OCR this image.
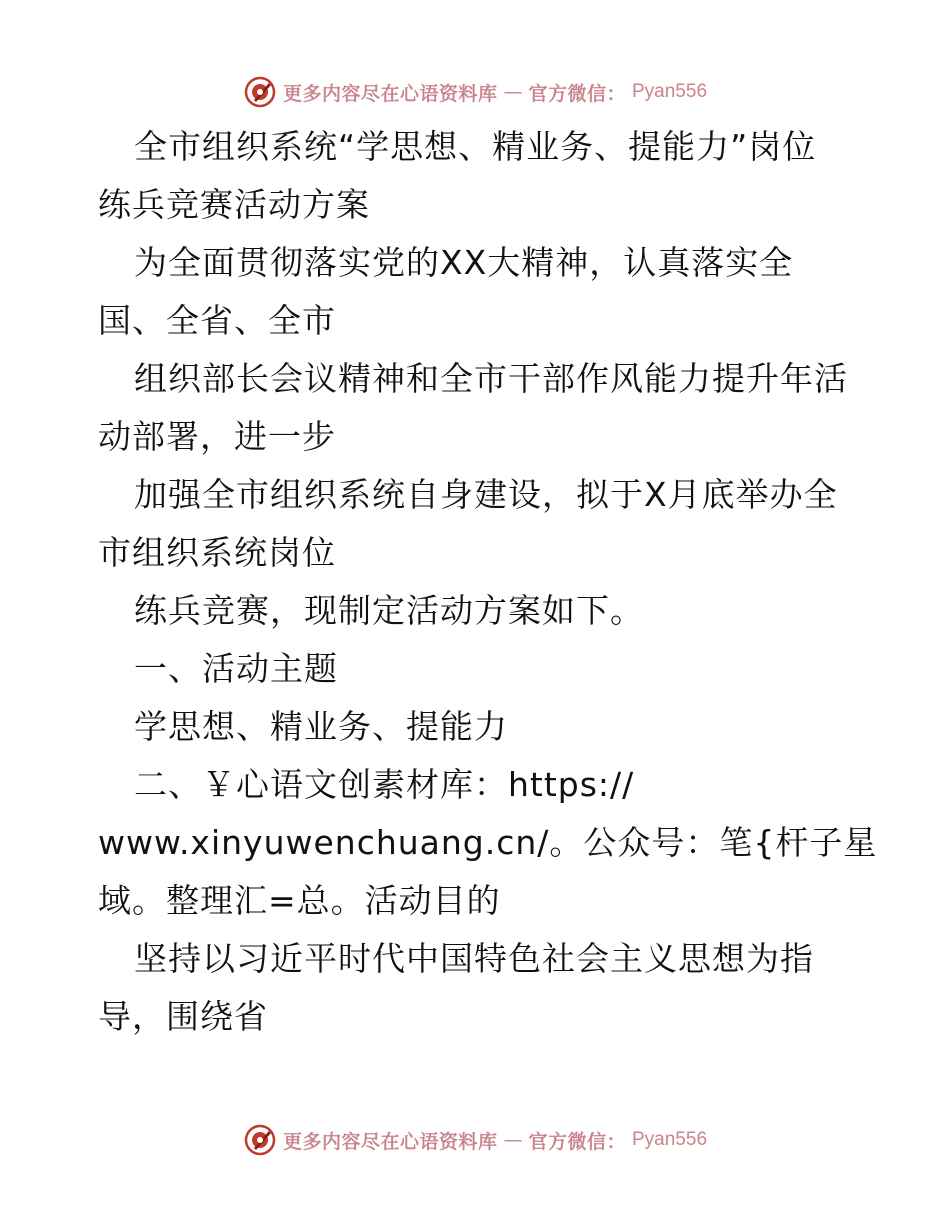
更多内容尽在心语资料库 — 官方微信： Pyan556
全市组织系统“学思想、精业务、提能力”岗位
练兵竞赛活动方案
为全面贯彻落实党的XX大精神，认真落实全
国、全省、全市
组织部长会议精神和全市干部作风能力提升年活
动部署，进一步
加强全市组织系统自身建设，拟于X月底举办全
市组织系统岗位
练兵竞赛，现制定活动方案如下。
一、活动主题
学思想、精业务、提能力
二、￥心语文创素材库：https://
www.xinyuwenchuang.cn/。公众号：笔{杆子星
域。整理汇=总。活动目的
坚持以习近平时代中国特色社会主义思想为指
导，围绕省
更多内容尽在心语资料库 — 官方微信： Pyan556
